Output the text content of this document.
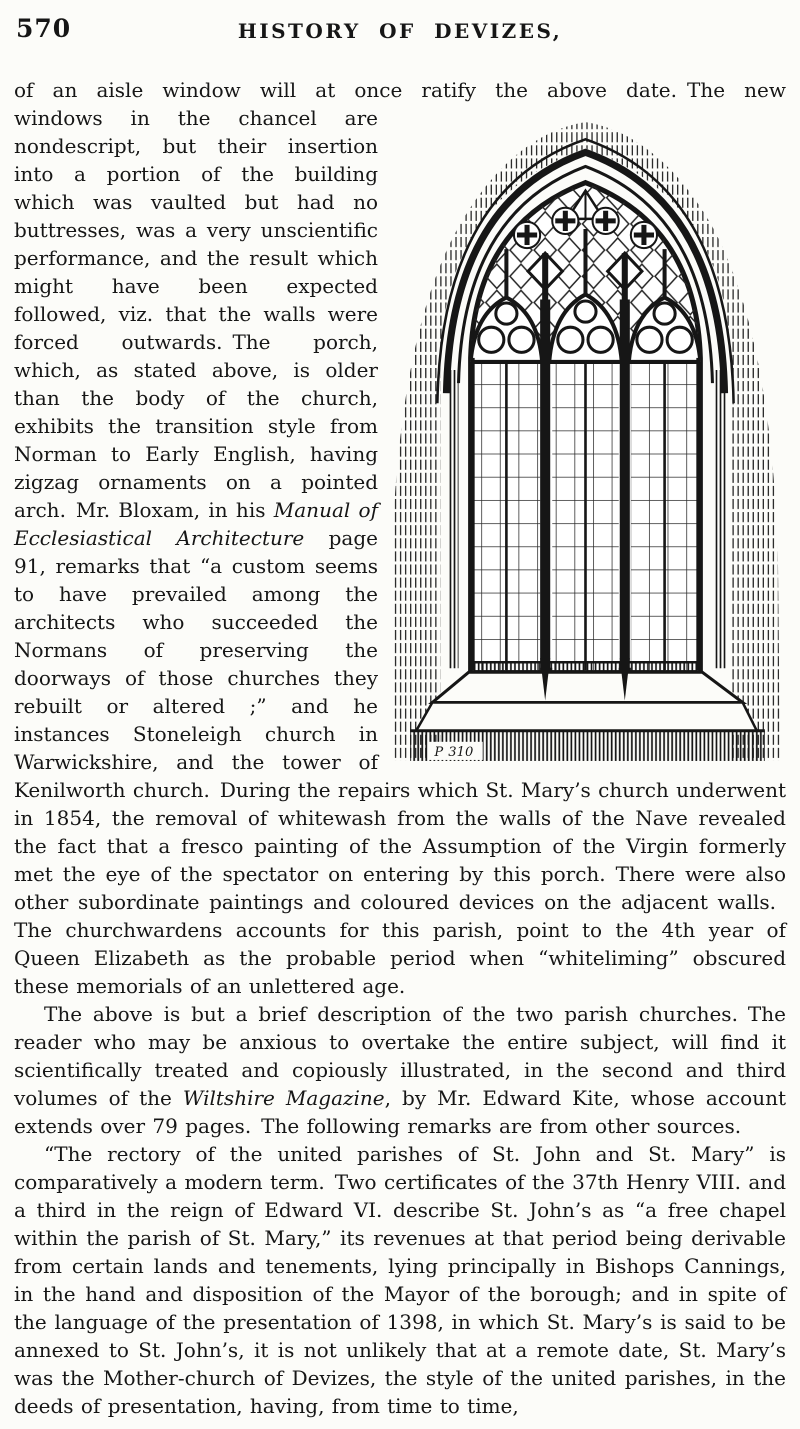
570	HISTORY OF DEVIZES,
of an aisle window will at once ratify the above date. The new
P 310
windows in the chancel are nondescript, but their insertion into a portion of the building which was vaulted but had no buttresses, was a very unscientific performance, and the result which might have been expected followed, viz. that the walls were forced outwards. The porch, which, as stated above, is older than the body of the church, exhibits the transition style from Norman to Early English, having zigzag ornaments on a pointed arch. Mr. Bloxam, in his Manual of Ecclesiastical Architecture page 91, remarks that “a custom seems to have prevailed among the architects who succeeded the Normans of preserving the doorways of those churches they rebuilt or altered ;” and he instances Stoneleigh church in Warwickshire, and the tower of Kenilworth church. During the repairs which St. Mary’s church underwent in 1854, the removal of whitewash from the walls of the Nave revealed the fact that a fresco painting of the Assumption of the Virgin formerly met the eye of the spectator on entering by this porch. There were also other subordinate paintings and coloured devices on the adjacent walls. The churchwardens accounts for this parish, point to the 4th year of Queen Elizabeth as the probable period when “whiteliming” obscured these memorials of an unlettered age.

The above is but a brief description of the two parish churches. The reader who may be anxious to overtake the entire subject, will find it scientifically treated and copiously illustrated, in the second and third volumes of the Wiltshire Magazine, by Mr. Edward Kite, whose account extends over 79 pages. The following remarks are from other sources.

“The rectory of the united parishes of St. John and St. Mary” is comparatively a modern term. Two certificates of the 37th Henry VIII. and a third in the reign of Edward VI. describe St. John’s as “a free chapel within the parish of St. Mary,” its revenues at that period being derivable from certain lands and tenements, lying principally in Bishops Cannings, in the hand and disposition of the Mayor of the borough; and in spite of the language of the presentation of 1398, in which St. Mary’s is said to be annexed to St. John’s, it is not unlikely that at a remote date, St. Mary’s was the Mother-church of Devizes, the style of the united parishes, in the deeds of presentation, having, from time to time,
